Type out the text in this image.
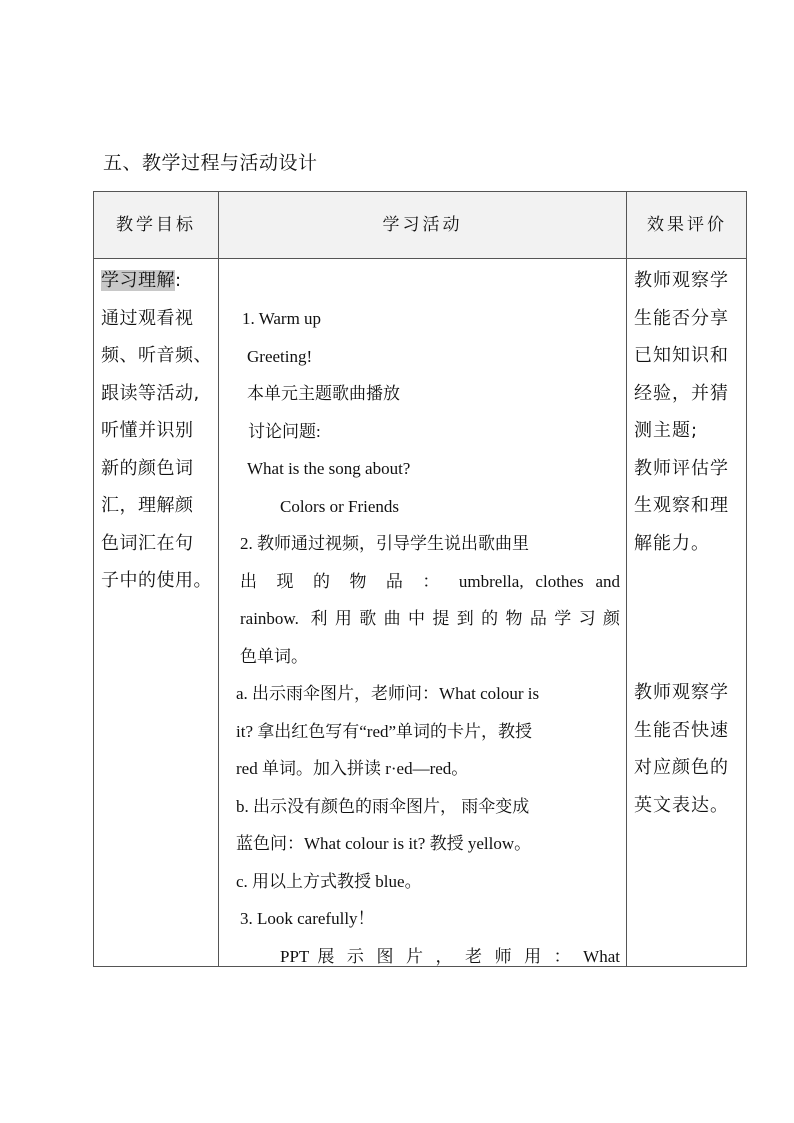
五、教学过程与活动设计
教学目标	学习活动	效果评价
学习理解:
通过观看视
频、听音频、
跟读等活动,
听懂并识别
新的颜色词
汇，理解颜
色词汇在句
子中的使用。
1. Warm up
Greeting!
本单元主题歌曲播放
讨论问题:
What is the song about?
Colors or Friends
2. 教师通过视频，引导学生说出歌曲里
出 现 的 物 品 ： umbrella, clothes and
rainbow. 利用歌曲中提到的物品学习颜
色单词。
a. 出示雨伞图片，老师问：What colour is
it? 拿出红色写有“red”单词的卡片，教授
red 单词。加入拼读 r·ed—red。
b. 出示没有颜色的雨伞图片， 雨伞变成
蓝色问：What colour is it? 教授 yellow。
c. 用以上方式教授 blue。
3. Look carefully！
PPT 展 示 图 片 ， 老 师 用 ： What
教师观察学
生能否分享
已知知识和
经验，并猜
测主题;
教师评估学
生观察和理
解能力。
教师观察学
生能否快速
对应颜色的
英文表达。
